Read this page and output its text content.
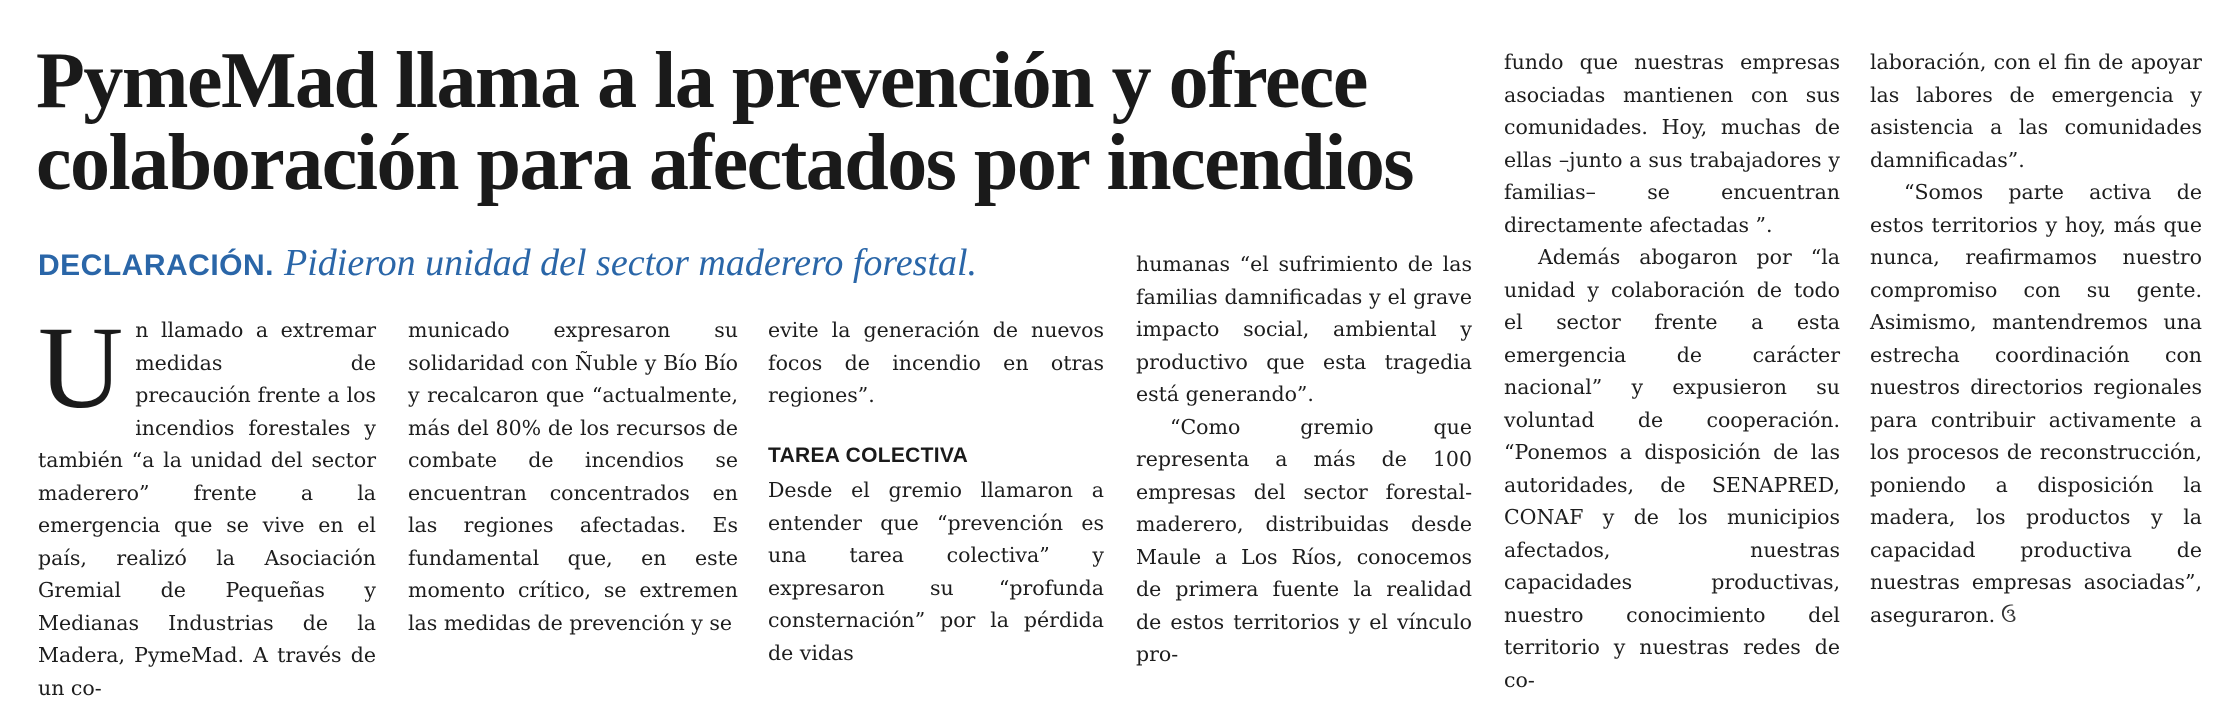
PymeMad llama a la prevención y ofrece
colaboración para afectados por incendios
DECLARACIÓN. Pidieron unidad del sector maderero forestal.
U n llamado a extremar medidas de precaución frente a los incendios forestales y también “a la unidad del sector maderero” frente a la emergencia que se vive en el país, realizó la Asociación Gremial de Pequeñas y Medianas Industrias de la Madera, PymeMad. A través de un co-

municado expresaron su solidaridad con Ñuble y Bío Bío y recalcaron que “actualmente, más del 80% de los recursos de combate de incendios se encuentran concentrados en las regiones afectadas. Es fundamental que, en este momento crítico, se extremen las medidas de prevención y se

evite la generación de nuevos focos de incendio en otras regiones”.

TAREA COLECTIVA

Desde el gremio llamaron a entender que “prevención es una tarea colectiva” y expresaron su “profunda consternación” por la pérdida de vidas

humanas “el sufrimiento de las familias damnificadas y el grave impacto social, ambiental y productivo que esta tragedia está generando”.

“Como gremio que representa a más de 100 empresas del sector forestal-maderero, distribuidas desde Maule a Los Ríos, conocemos de primera fuente la realidad de estos territorios y el vínculo pro-

fundo que nuestras empresas asociadas mantienen con sus comunidades. Hoy, muchas de ellas –junto a sus trabajadores y familias– se encuentran directamente afectadas ”.

Además abogaron por “la unidad y colaboración de todo el sector frente a esta emergencia de carácter nacional” y expusieron su voluntad de cooperación. “Ponemos a disposición de las autoridades, de SENAPRED, CONAF y de los municipios afectados, nuestras capacidades productivas, nuestro conocimiento del territorio y nuestras redes de co-

laboración, con el fin de apoyar las labores de emergencia y asistencia a las comunidades damnificadas”.

“Somos parte activa de estos territorios y hoy, más que nunca, reafirmamos nuestro compromiso con su gente. Asimismo, mantendremos una estrecha coordinación con nuestros directorios regionales para contribuir activamente a los procesos de reconstrucción, poniendo a disposición la madera, los productos y la capacidad productiva de nuestras empresas asociadas”, aseguraron. ઉ
